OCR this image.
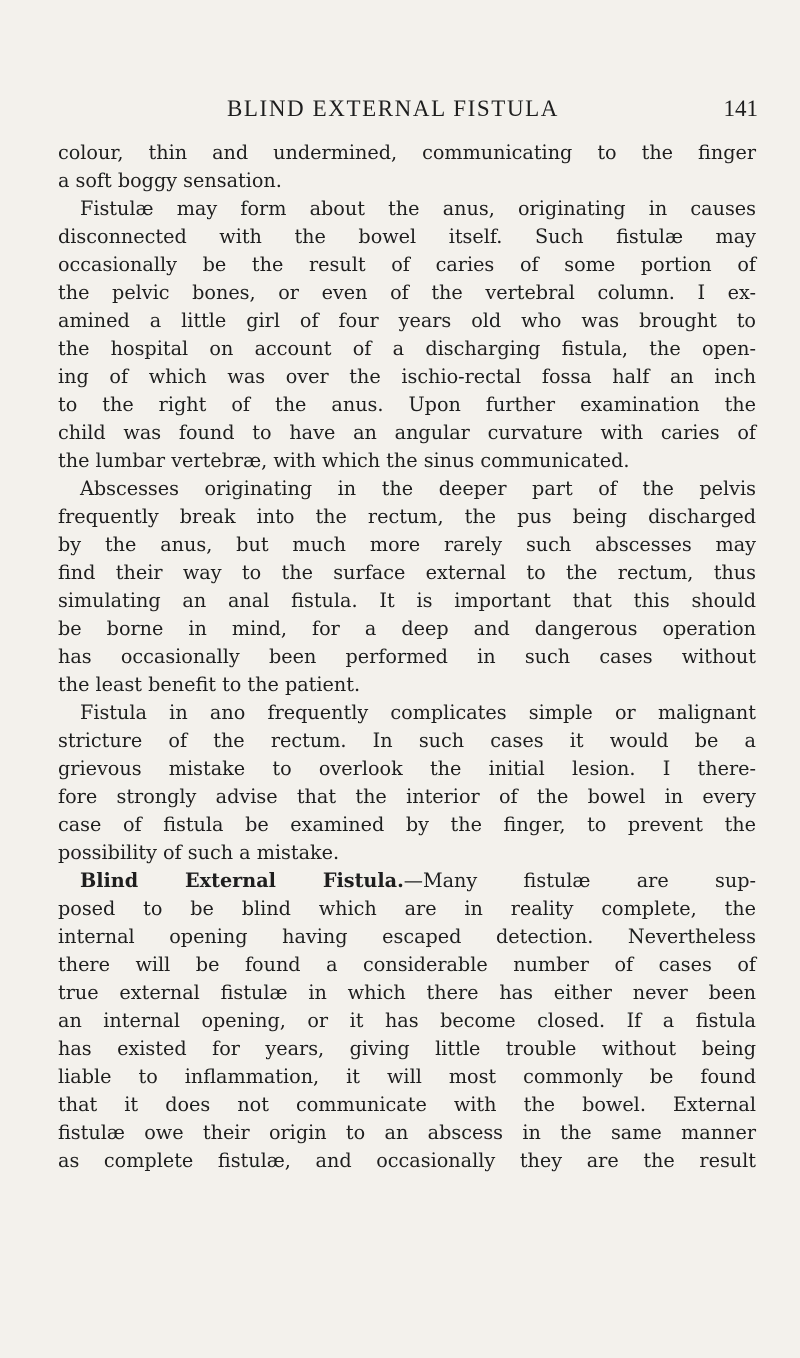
BLIND EXTERNAL FISTULA	141
colour, thin and undermined, communicating to the finger
a soft boggy sensation.
Fistulæ may form about the anus, originating in causes
disconnected with the bowel itself. Such fistulæ may
occasionally be the result of caries of some portion of
the pelvic bones, or even of the vertebral column. I ex-
amined a little girl of four years old who was brought to
the hospital on account of a discharging fistula, the open-
ing of which was over the ischio-rectal fossa half an inch
to the right of the anus. Upon further examination the
child was found to have an angular curvature with caries of
the lumbar vertebræ, with which the sinus communicated.
Abscesses originating in the deeper part of the pelvis
frequently break into the rectum, the pus being discharged
by the anus, but much more rarely such abscesses may
find their way to the surface external to the rectum, thus
simulating an anal fistula. It is important that this should
be borne in mind, for a deep and dangerous operation
has occasionally been performed in such cases without
the least benefit to the patient.
Fistula in ano frequently complicates simple or malignant
stricture of the rectum. In such cases it would be a
grievous mistake to overlook the initial lesion. I there-
fore strongly advise that the interior of the bowel in every
case of fistula be examined by the finger, to prevent the
possibility of such a mistake.
Blind External Fistula.—Many fistulæ are sup-
posed to be blind which are in reality complete, the
internal opening having escaped detection. Nevertheless
there will be found a considerable number of cases of
true external fistulæ in which there has either never been
an internal opening, or it has become closed. If a fistula
has existed for years, giving little trouble without being
liable to inflammation, it will most commonly be found
that it does not communicate with the bowel. External
fistulæ owe their origin to an abscess in the same manner
as complete fistulæ, and occasionally they are the result
